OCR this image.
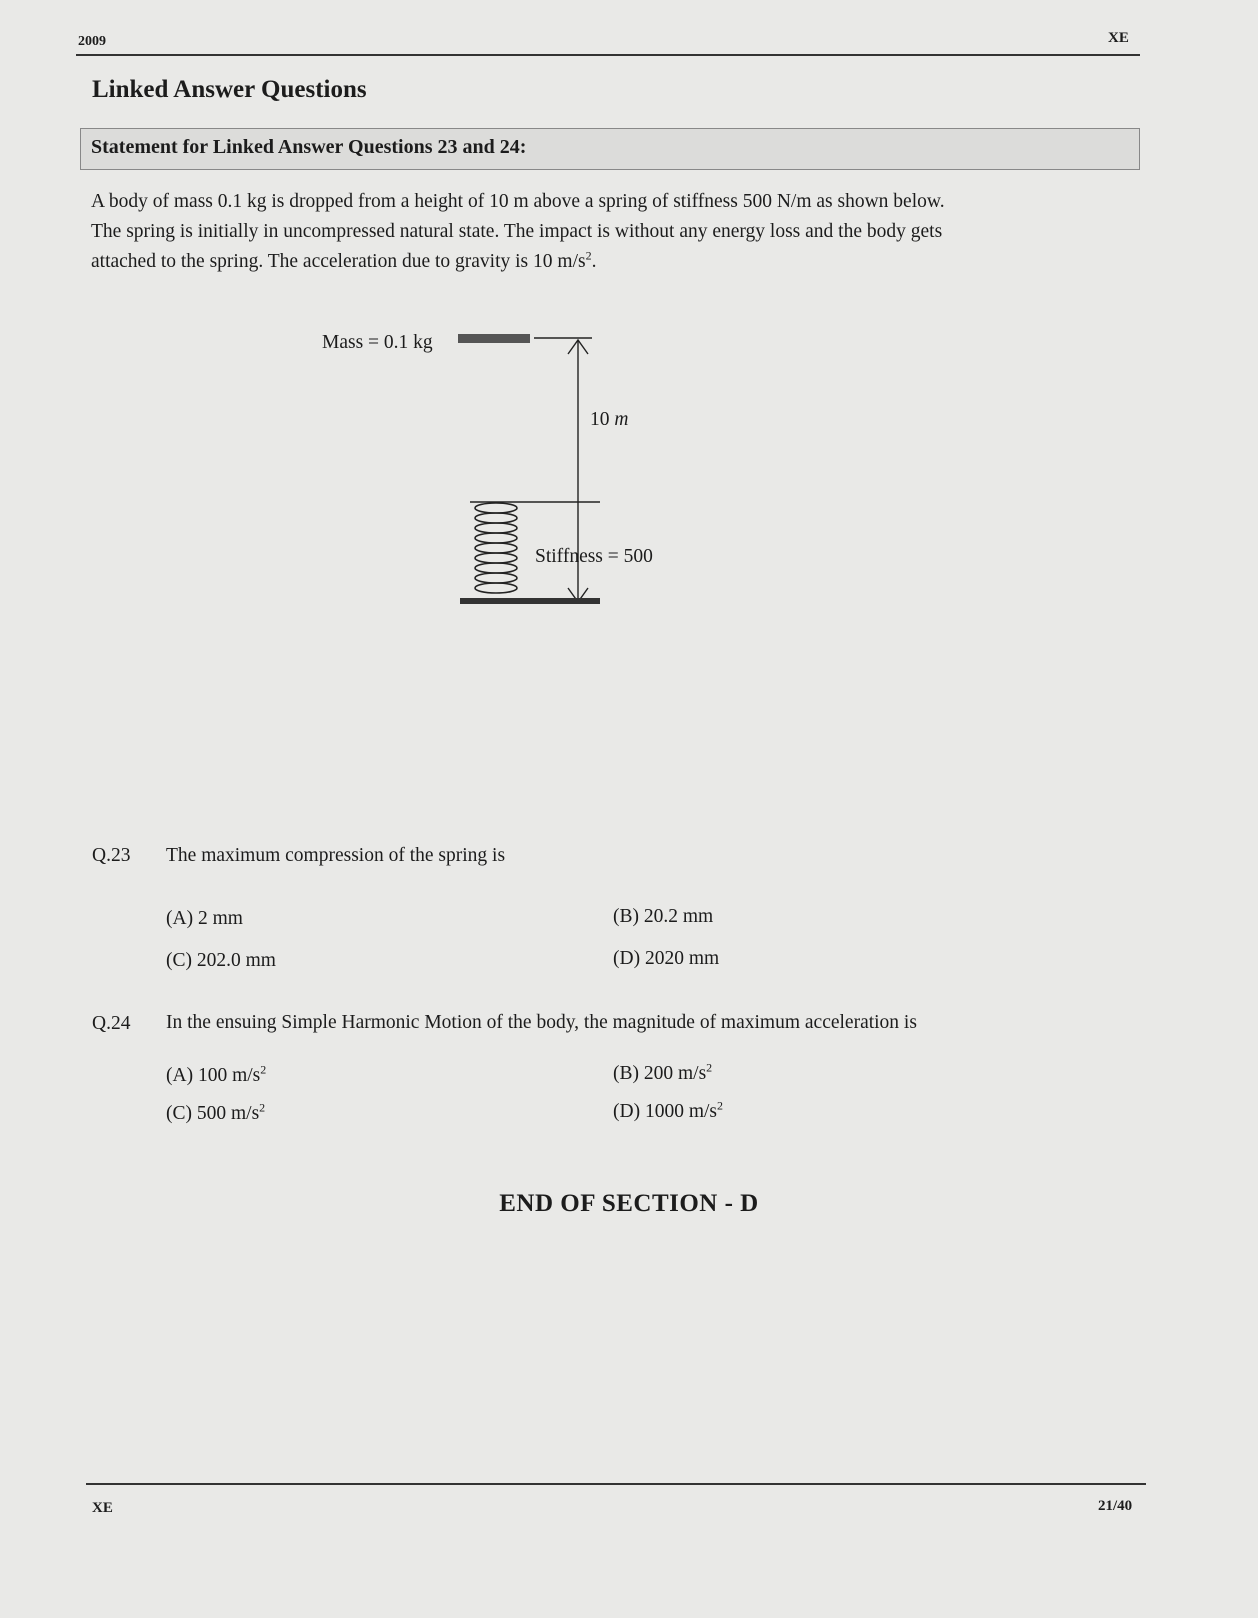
2009	XE
Linked Answer Questions
Statement for Linked Answer Questions 23 and 24:
A body of mass 0.1 kg is dropped from a height of 10 m above a spring of stiffness 500 N/m as shown below.
The spring is initially in uncompressed natural state. The impact is without any energy loss and the body gets
attached to the spring. The acceleration due to gravity is 10 $m/s^2$.
Mass = 0.1 kg
10 m
Stiffness = 500
Q.23 The maximum compression of the spring is
(A) 2 mm	(B) 20.2 mm
(C) 202.0 mm	(D) 2020 mm
Q.24 In the ensuing Simple Harmonic Motion of the body, the magnitude of maximum acceleration is
(A) 100 $m/s^2$	(B) 200 $m/s^2$
(C) 500 $m/s^2$	(D) 1000 $m/s^2$
END OF SECTION - D
XE	21/40
